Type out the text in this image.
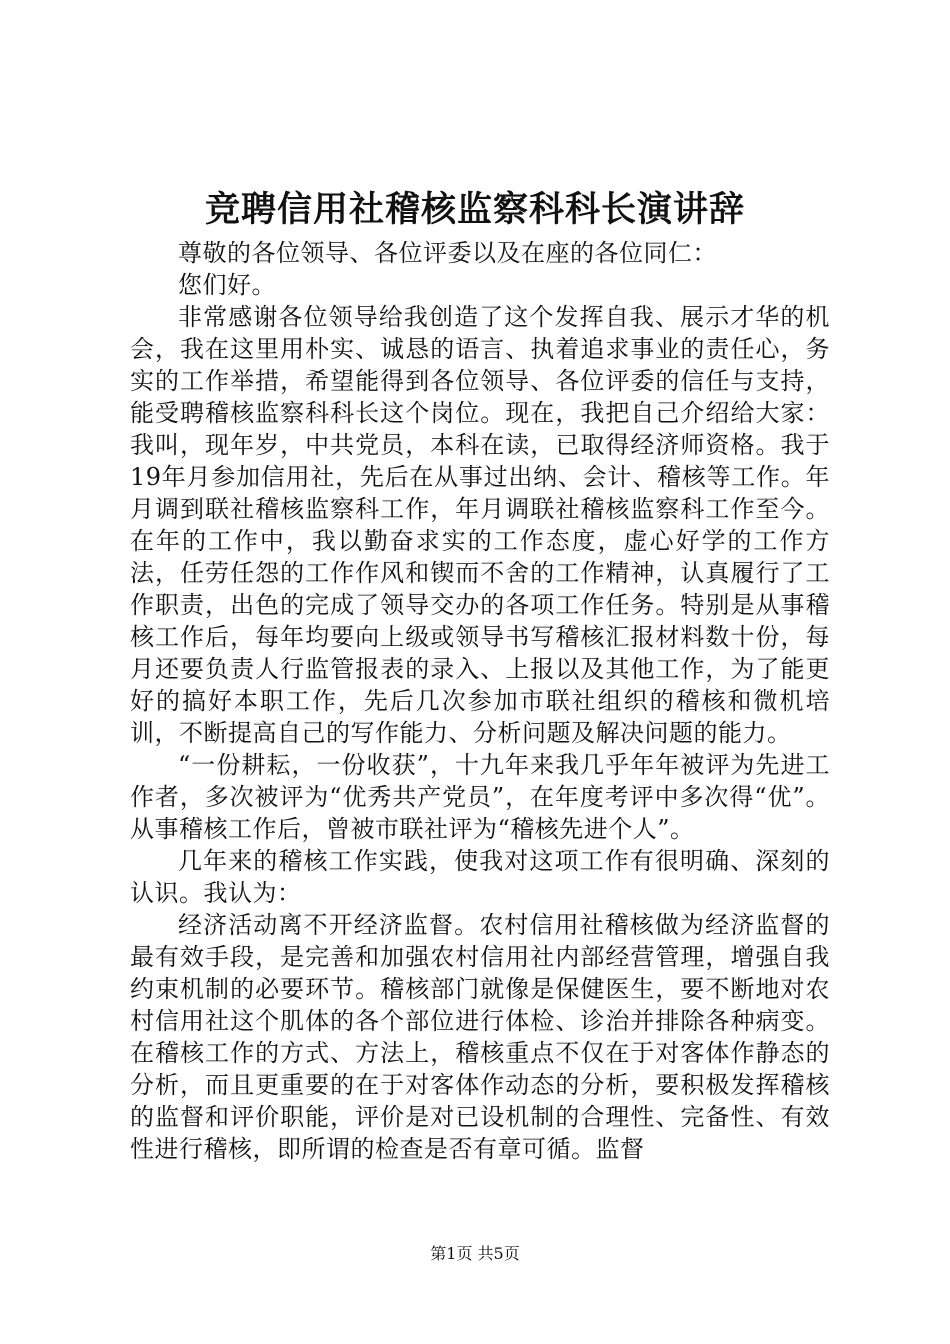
竞聘信用社稽核监察科科长演讲辞

尊敬的各位领导、各位评委以及在座的各位同仁：

您们好。

非常感谢各位领导给我创造了这个发挥自我、展示才华的机会，我在这里用朴实、诚恳的语言、执着追求事业的责任心，务实的工作举措，希望能得到各位领导、各位评委的信任与支持，能受聘稽核监察科科长这个岗位。现在，我把自己介绍给大家：我叫，现年岁，中共党员，本科在读，已取得经济师资格。我于19年月参加信用社，先后在从事过出纳、会计、稽核等工作。年月调到联社稽核监察科工作，年月调联社稽核监察科工作至今。在年的工作中，我以勤奋求实的工作态度，虚心好学的工作方法，任劳任怨的工作作风和锲而不舍的工作精神，认真履行了工作职责，出色的完成了领导交办的各项工作任务。特别是从事稽核工作后，每年均要向上级或领导书写稽核汇报材料数十份，每月还要负责人行监管报表的录入、上报以及其他工作，为了能更好的搞好本职工作，先后几次参加市联社组织的稽核和微机培训，不断提高自己的写作能力、分析问题及解决问题的能力。

“一份耕耘，一份收获”，十九年来我几乎年年被评为先进工作者，多次被评为“优秀共产党员”，在年度考评中多次得“优”。从事稽核工作后，曾被市联社评为“稽核先进个人”。

几年来的稽核工作实践，使我对这项工作有很明确、深刻的认识。我认为：

经济活动离不开经济监督。农村信用社稽核做为经济监督的最有效手段，是完善和加强农村信用社内部经营管理，增强自我约束机制的必要环节。稽核部门就像是保健医生，要不断地对农村信用社这个肌体的各个部位进行体检、诊治并排除各种病变。在稽核工作的方式、方法上，稽核重点不仅在于对客体作静态的分析，而且更重要的在于对客体作动态的分析，要积极发挥稽核的监督和评价职能，评价是对已设机制的合理性、完备性、有效性进行稽核，即所谓的检查是否有章可循。监督

第1页 共5页
